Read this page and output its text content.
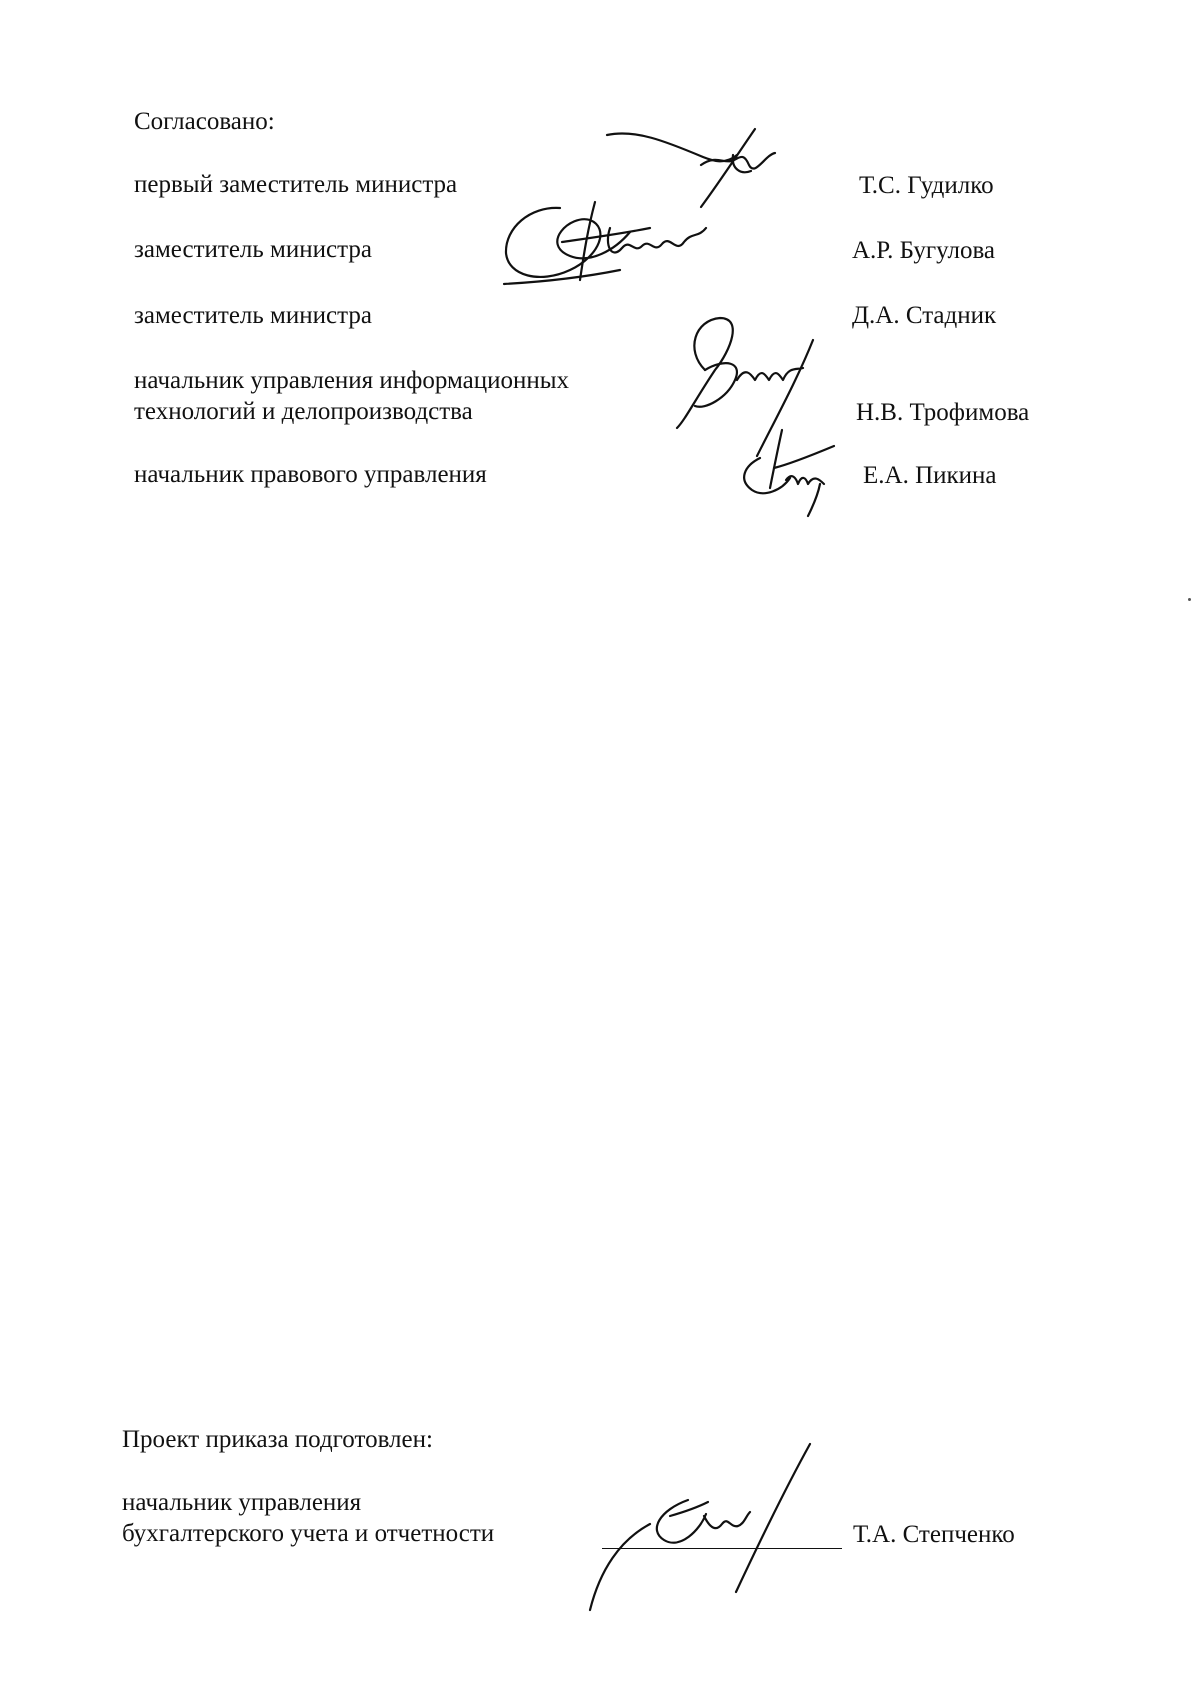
Согласовано:
первый заместитель министра	Т.С. Гудилко
заместитель министра	А.Р. Бугулова
заместитель министра	Д.А. Стадник
начальник управления информационных
технологий и делопроизводства	Н.В. Трофимова
начальник правового управления	Е.А. Пикина
Проект приказа подготовлен:
начальник управления
бухгалтерского учета и отчетности	Т.А. Степченко
